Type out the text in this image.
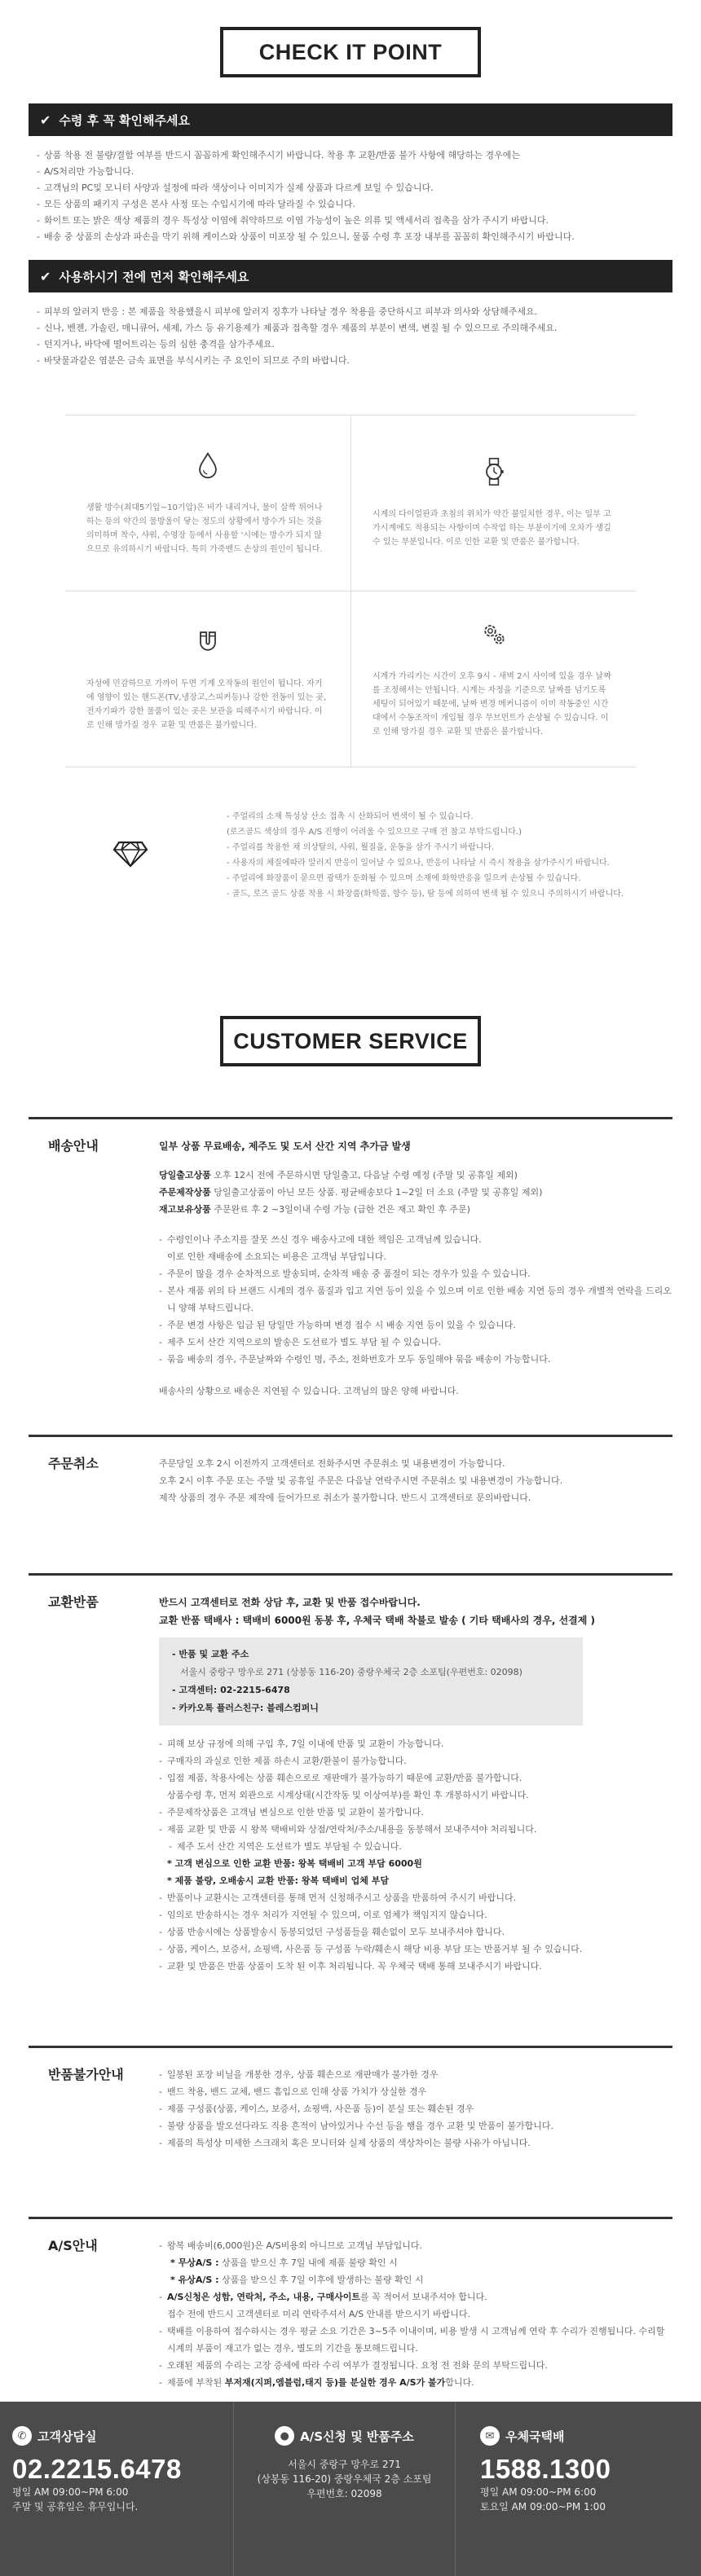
CHECK IT POINT
✔ 수령 후 꼭 확인해주세요
- 상품 착용 전 불량/결함 여부를 반드시 꼼꼼하게 확인해주시기 바랍니다. 착용 후 교환/반품 불가 사항에 해당하는 경우에는
- A/S처리만 가능합니다.
- 고객님의 PC및 모니터 사양과 설정에 따라 색상이나 이미지가 실제 상품과 다르게 보일 수 있습니다.
- 모든 상품의 패키지 구성은 본사 사정 또는 수입시기에 따라 달라질 수 있습니다.
- 화이트 또는 밝은 색상 제품의 경우 특성상 이염에 취약하므로 이염 가능성이 높은 의류 및 액세서리 접촉을 삼가 주시기 바랍니다.
- 배송 중 상품의 손상과 파손을 막기 위해 케이스와 상품이 미포장 될 수 있으니, 물품 수령 후 포장 내부를 꼼꼼히 확인해주시기 바랍니다.
✔ 사용하시기 전에 먼저 확인해주세요
- 피부의 알러지 반응 : 본 제품을 착용했을시 피부에 알러지 징후가 나타날 경우 착용을 중단하시고 피부과 의사와 상담해주세요.
- 신나, 벤젠, 가솔린, 매니큐어, 세제, 가스 등 유기용제가 제품과 접촉할 경우 제품의 부분이 변색, 변질 될 수 있으므로 주의해주세요.
- 던지거나, 바닥에 떨어트리는 등의 심한 충격을 삼가주세요.
- 바닷물과같은 염분은 금속 표면을 부식시키는 주 요인이 되므로 주의 바랍니다.

생활 방수(최대5기압~10기압)은 비가 내리거나, 물이 살짝 튀어나 하는 등의 약간의 물방울이 닿는 정도의 상황에서 방수가 되는 것을 의미하며 착수, 샤워, 수영장 등에서 사용할 '시에는 방수가 되지 않으므로 유의하시기 바랍니다. 특히 가죽밴드 손상의 원인이 됩니다.

시계의 다이얼판과 초침의 위치가 약간 불일치한 경우, 이는 일부 고가시계에도 적용되는 사항이며 수작업 하는 부분이기에 오차가 생길 수 있는 부분입니다. 이로 인한 교환 및 반품은 불가합니다.

자성에 민감하므로 가까이 두면 기계 오작동의 원인이 됩니다. 자기에 영향이 있는 핸드폰(TV,냉장고,스피커등)나 강한 전동이 있는 곳, 전자기파가 강한 물품이 있는 곳은 보관을 피해주시기 바랍니다. 이로 인해 망가질 경우 교환 및 반품은 불가합니다.

시계가 가리키는 시간이 오후 9시 - 새벽 2시 사이에 있을 경우 날짜를 조정해서는 안됩니다. 시계는 자정을 기준으로 날짜를 넘기도록 세팅이 되어있기 때문에, 날짜 변경 메커니즘이 이미 작동중인 시간대에서 수동조작이 개입될 경우 무브먼트가 손상될 수 있습니다. 이로 인해 망가질 경우 교환 및 반품은 불가합니다.

- 주얼리의 소재 특성상 산소 접촉 시 산화되어 변색이 될 수 있습니다.
(로즈골드 색상의 경우 A/S 진행이 어려울 수 있으므로 구매 전 참고 부탁드립니다.)
- 주얼리를 착용한 채 의상탈의, 샤워, 월질을, 운동을 삼가 주시기 바랍니다.
- 사용자의 체질에따라 알러지 반응이 일어날 수 있으나, 반응이 나타날 시 즉시 착용을 삼가주시기 바랍니다.
- 주얼리에 화장품이 묻으면 광택가 둔화될 수 있으며 소재에 화학반응을 일으켜 손상될 수 있습니다.
- 골드, 로즈 골드 상품 착용 시 화장품(화학품, 향수 등), 땀 등에 의하여 변색 될 수 있으니 주의하시기 바랍니다.
CUSTOMER SERVICE
배송안내	일부 상품 무료배송, 제주도 및 도서 산간 지역 추가금 발생
당일출고상품 오후 12시 전에 주문하시면 당일출고, 다음날 수령 예정 (주말 및 공휴일 제외)
주문제작상품 당일출고상품이 아닌 모든 상품. 평균배송보다 1~2일 더 소요 (주말 및 공휴일 제외)
재고보유상품 주문완료 후 2 ~3일이내 수령 가능 (급한 건은 재고 확인 후 주문)
- 수령인이나 주소지를 잘못 쓰신 경우 배송사고에 대한 책임은 고객님께 있습니다.
이로 인한 재배송에 소요되는 비용은 고객님 부담입니다.
- 주문이 많을 경우 순차적으로 발송되며, 순차적 배송 중 품절이 되는 경우가 있을 수 있습니다.
- 본사 재품 위의 타 브랜드 시계의 경우 품질과 입고 지연 등이 있을 수 있으며 이로 인한 배송 지연 등의 경우 개별적 연락을 드리오니 양해 부탁드립니다.
- 주문 변경 사항은 입금 된 당일만 가능하며 변경 접수 시 배송 지연 등이 있을 수 있습니다.
- 제주 도서 산간 지역으로의 발송은 도선료가 별도 부담 될 수 있습니다.
- 묶음 배송의 경우, 주문날짜와 수령인 명, 주소, 전화번호가 모두 동일해야 묶음 배송이 가능합니다.
배송사의 상황으로 배송은 지연될 수 있습니다. 고객님의 많은 양해 바랍니다.
주문취소	주문당일 오후 2시 이전까지 고객센터로 전화주시면 주문취소 및 내용변경이 가능합니다.
오후 2시 이후 주문 또는 주말 및 공휴일 주문은 다음날 연락주시면 주문취소 및 내용변경이 가능합니다.
제작 상품의 경우 주문 제작에 들어가므로 취소가 불가합니다. 반드시 고객센터로 문의바랍니다.
교환반품	반드시 고객센터로 전화 상담 후, 교환 및 반품 접수바랍니다.
교환 반품 택배사 : 택배비 6000원 동봉 후, 우체국 택배 착불로 발송 ( 기타 택배사의 경우, 선결제 )
- 반품 및 교환 주소
서울시 중랑구 망우로 271 (상봉동 116-20) 중랑우체국 2층 소포팀(우편번호: 02098)
- 고객센터: 02-2215-6478
- 카카오톡 플러스친구: 블레스컴퍼니
- 피해 보상 규정에 의해 구입 후, 7일 이내에 반품 및 교환이 가능합니다.
- 구매자의 과실로 인한 제품 하손시 교환/환불이 불가능합니다.
- 입점 제품, 착용사에는 상품 훼손으로로 재판매가 불가능하기 때문에 교환/반품 불가합니다.
상품수령 후, 먼저 외관으로 시계상태(시간작동 및 이상여부)를 확인 후 개봉하시기 바랍니다.
- 주문제작상품은 고객님 변심으로 인한 반품 및 교환이 불가합니다.
- 제품 교환 및 반품 시 왕복 택배비와 상점/연락처/주소/내용을 동봉해서 보내주셔야 처리됩니다.
- 제주 도서 산간 지역은 도선료가 별도 부담될 수 있습니다.
* 고객 변심으로 인한 교환 반품: 왕복 택배비 고객 부담 6000원
* 제품 불량, 오배송시 교환 반품: 왕복 택배비 업체 부담
- 반품이나 교환시는 고객센터를 통해 먼저 신청해주시고 상품을 반품하여 주시기 바랍니다.
- 임의로 반송하시는 경우 처리가 지연될 수 있으며, 이로 엄체가 책임지지 않습니다.
- 상품 반송시에는 상품발송시 동봉되었던 구성품들을 훼손없이 모두 보내주셔야 합니다.
- 상품, 케이스, 보증서, 쇼핑백, 사은품 등 구성품 누락/훼손시 해당 비용 부담 또는 반품거부 될 수 있습니다.
- 교환 및 반품은 반품 상품이 도착 된 이후 처리됩니다. 꼭 우체국 택배 통해 보내주시기 바랍니다.
반품불가안내	- 일봉된 포장 비닐을 개봉한 경우, 상품 훼손으로 재판매가 불가한 경우
- 밴드 착용, 밴드 교체, 밴드 흠입으로 인해 상품 가치가 상실한 경우
- 제품 구성품(상품, 케이스, 보증서, 쇼핑백, 사은품 등)이 분실 또는 훼손된 경우
- 불량 상품을 발오선다라도 직용 흔적이 남아있거나 수선 등을 행을 경우 교환 및 반품이 불가합니다.
- 제품의 특성상 미세한 스크래치 혹은 모니터와 실제 상품의 색상차이는 불량 사유가 아닙니다.
A/S안내	- 왕복 배송비(6,000원)은 A/S비용외 아니므로 고객님 부담입니다.
* 무상A/S : 상품을 받으신 후 7일 내에 제품 불량 확인 시
* 유상A/S : 상품을 받으신 후 7일 이후에 발생하는 불량 확인 시
- A/S신청은 성함, 연락처, 주소, 내용, 구매사이트를 꼭 적어서 보내주셔야 합니다.
접수 전에 반드시 고객센터로 미리 연락주셔서 A/S 안내를 받으시기 바랍니다.
- 택배를 이용하여 접수하시는 경우 평균 소요 기간은 3~5주 이내이며, 비용 발생 시 고객님께 연락 후 수리가 진행됩니다. 수리할 시계의 부품이 재고가 없는 경우, 별도의 기간을 통보해드립니다.
- 오래된 제품의 수리는 고장 증세에 따라 수리 여부가 결정됩니다. 요청 전 전화 문의 부탁드립니다.
- 제품에 부착된 부저재(지퍼,엠블럼,태지 등)를 분실한 경우 A/S가 불가합니다.
✆ 고객상담실
02.2215.6478
평일 AM 09:00~PM 6:00
주말 및 공휴일은 휴무입니다.
● A/S신청 및 반품주소
서울시 중랑구 망우로 271
(상봉동 116-20) 중랑우체국 2층 소포팀
우편번호: 02098
✉ 우체국택배
1588.1300
평일 AM 09:00~PM 6:00
토요일 AM 09:00~PM 1:00
